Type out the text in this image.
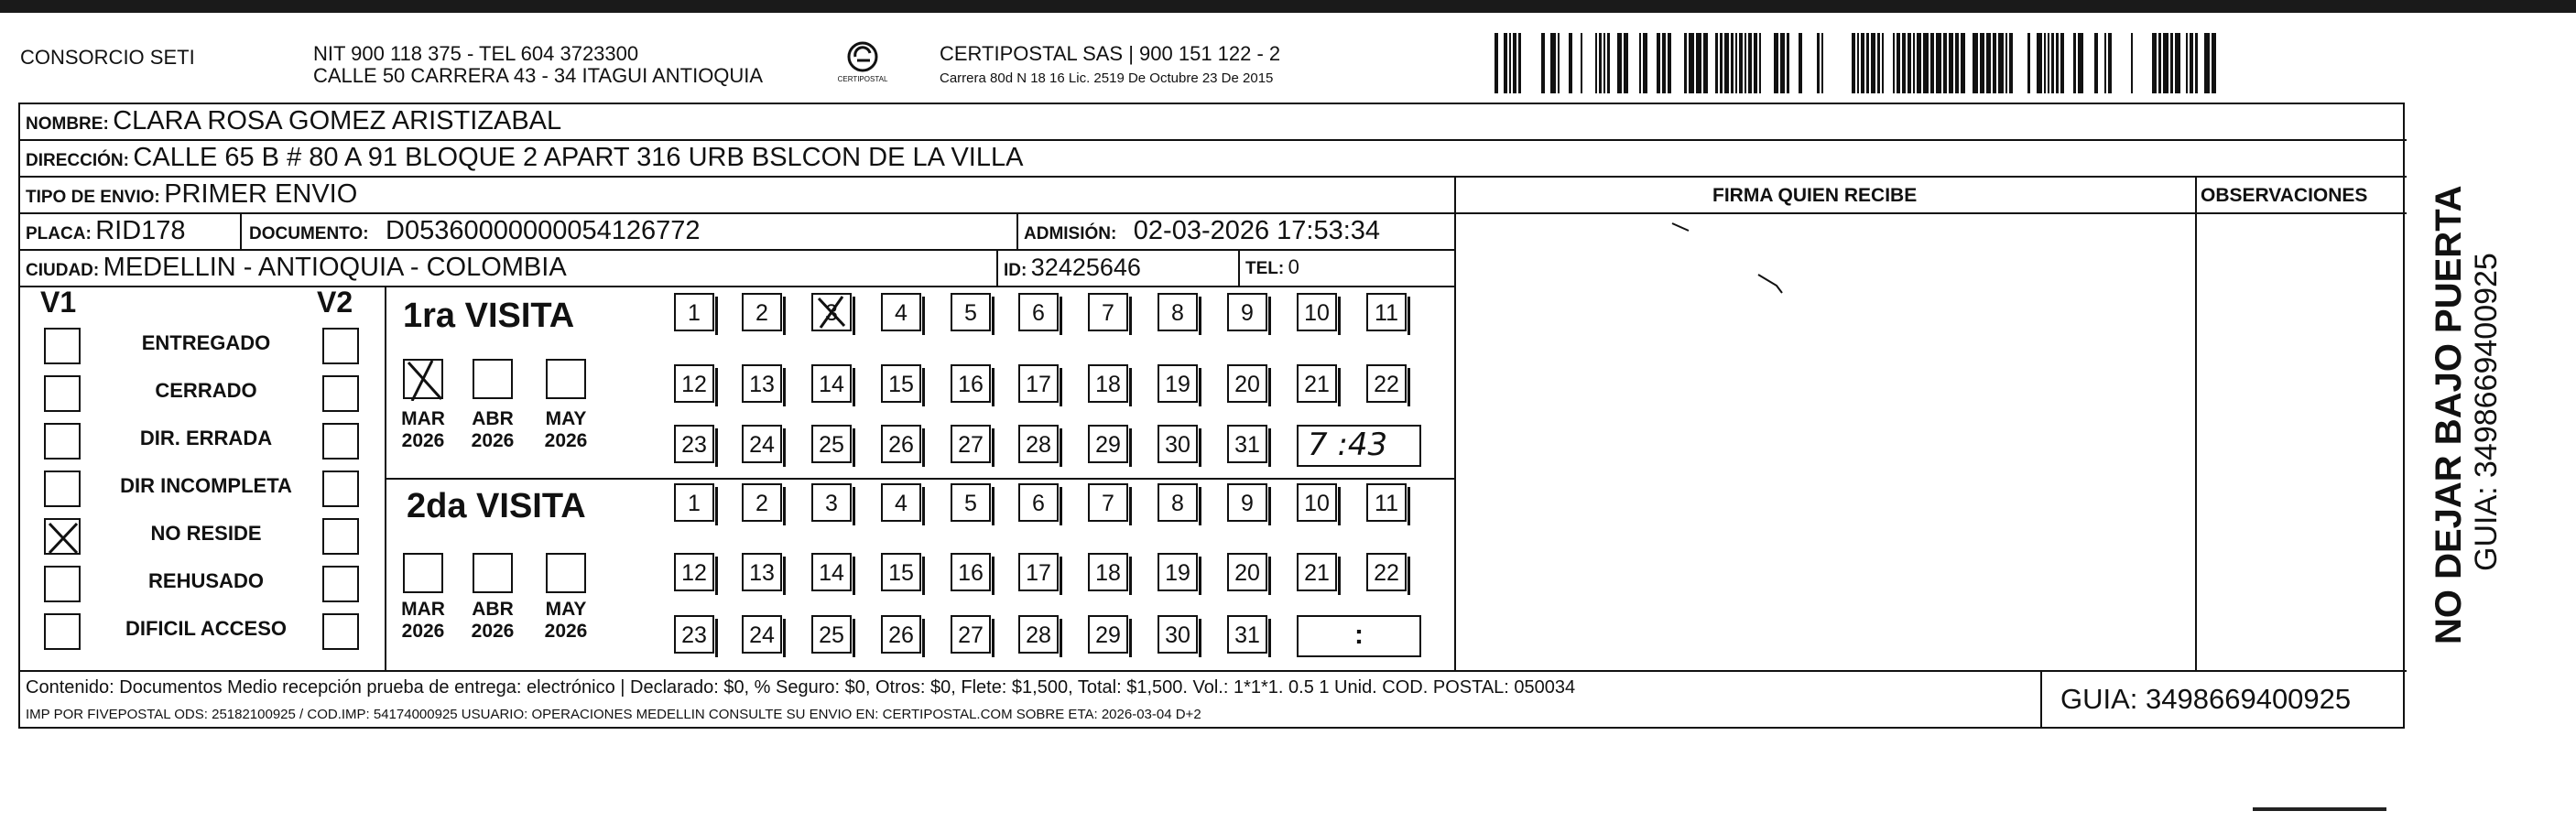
CONSORCIO SETI	NIT 900 118 375 - TEL 604 3723300
CALLE 50 CARRERA 43 - 34 ITAGUI ANTIOQUIA	CERTIPOSTAL
CERTIPOSTAL SAS | 900 151 122 - 2
Carrera 80d N 18 16 Lic. 2519 De Octubre 23 De 2015
NOMBRE: CLARA ROSA GOMEZ ARISTIZABAL
DIRECCIÓN: CALLE 65 B # 80 A 91 BLOQUE 2 APART 316 URB BSLCON DE LA VILLA
TIPO DE ENVIO: PRIMER ENVIO	FIRMA QUIEN RECIBE	OBSERVACIONES
PLACA: RID178	DOCUMENTO: D05360000000054126772	ADMISIÓN: 02-03-2026 17:53:34
CIUDAD: MEDELLIN - ANTIOQUIA - COLOMBIA	ID: 32425646	TEL: 0
V1	V2
ENTREGADO
CERRADO
DIR. ERRADA
DIR INCOMPLETA
NO RESIDE
REHUSADO
DIFICIL ACCESO
1ra VISITA
2da VISITA
MAR
2026
ABR
2026
MAY
2026
MAR
2026
ABR
2026
MAY
2026
1	2	3	4	5	6	7	8	9	10	11
12	13	14	15	16	17	18	19	20	21	22
23	24	25	26	27	28	29	30	31
1	2	3	4	5	6	7	8	9	10	11
12	13	14	15	16	17	18	19	20	21	22
23	24	25	26	27	28	29	30	31
7 :43
:
Contenido: Documentos Medio recepción prueba de entrega: electrónico | Declarado: $0, % Seguro: $0, Otros: $0, Flete: $1,500, Total: $1,500. Vol.: 1*1*1. 0.5 1 Unid. COD. POSTAL: 050034
IMP POR FIVEPOSTAL ODS: 25182100925 / COD.IMP: 54174000925 USUARIO: OPERACIONES MEDELLIN CONSULTE SU ENVIO EN: CERTIPOSTAL.COM SOBRE ETA: 2026-03-04 D+2	GUIA: 3498669400925
NO DEJAR BAJO PUERTA GUIA: 3498669400925
